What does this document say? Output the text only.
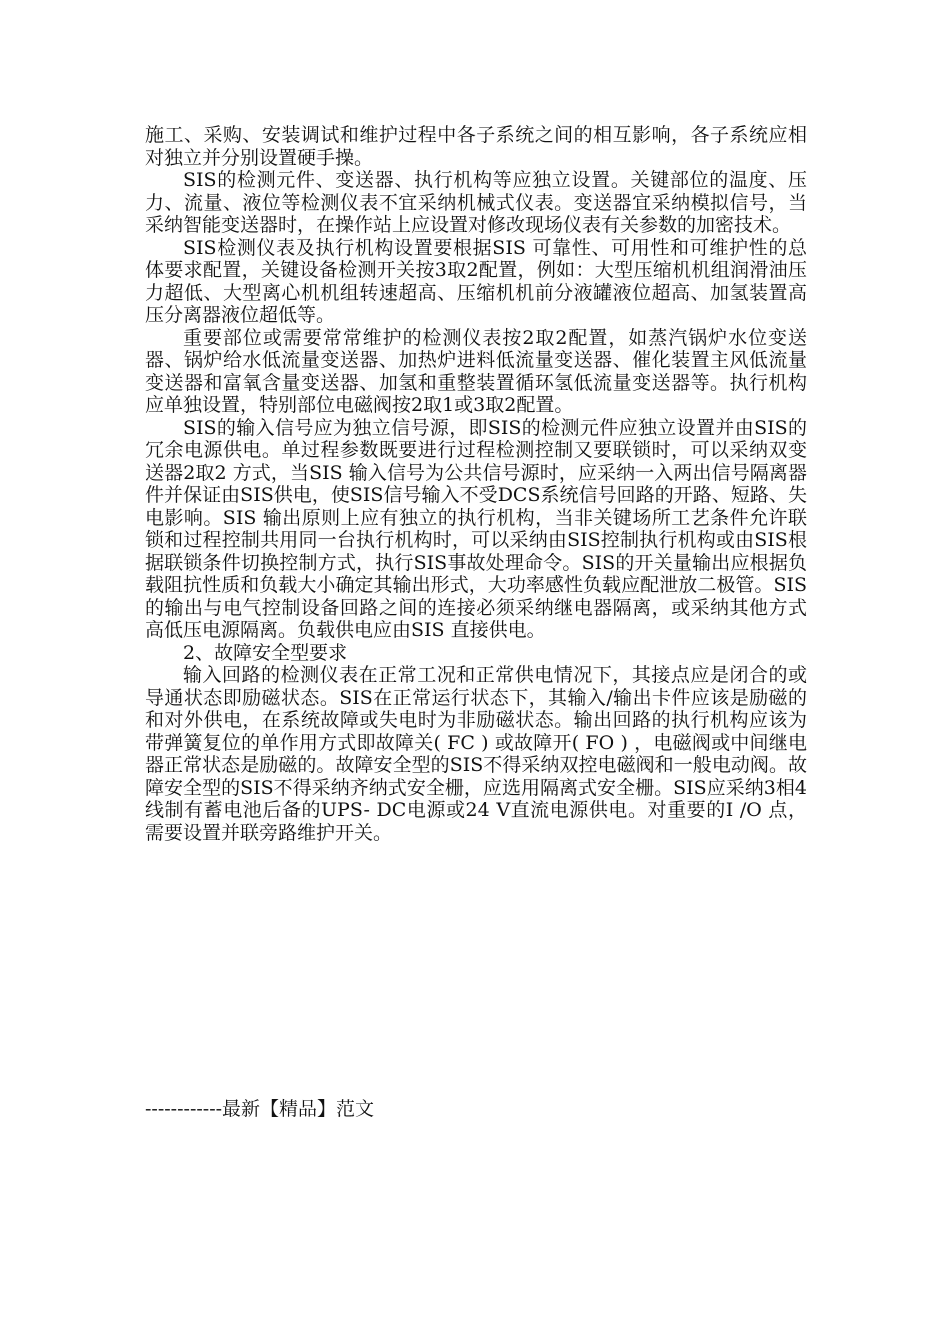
施工、采购、安装调试和维护过程中各子系统之间的相互影响，各子系统应相对独立并分别设置硬手操。

SIS的检测元件、变送器、执行机构等应独立设置。关键部位的温度、压力、流量、液位等检测仪表不宜采纳机械式仪表。变送器宜采纳模拟信号，当采纳智能变送器时，在操作站上应设置对修改现场仪表有关参数的加密技术。

SIS检测仪表及执行机构设置要根据SIS 可靠性、可用性和可维护性的总体要求配置，关键设备检测开关按3取2配置，例如：大型压缩机机组润滑油压力超低、大型离心机机组转速超高、压缩机机前分液罐液位超高、加氢装置高压分离器液位超低等。

重要部位或需要常常维护的检测仪表按2取2配置，如蒸汽锅炉水位变送器、锅炉给水低流量变送器、加热炉进料低流量变送器、催化装置主风低流量变送器和富氧含量变送器、加氢和重整装置循环氢低流量变送器等。执行机构应单独设置，特别部位电磁阀按2取1或3取2配置。

SIS的输入信号应为独立信号源，即SIS的检测元件应独立设置并由SIS的冗余电源供电。单过程参数既要进行过程检测控制又要联锁时，可以采纳双变送器2取2 方式，当SIS 输入信号为公共信号源时，应采纳一入两出信号隔离器件并保证由SIS供电，使SIS信号输入不受DCS系统信号回路的开路、短路、失电影响。SIS 输出原则上应有独立的执行机构，当非关键场所工艺条件允许联锁和过程控制共用同一台执行机构时，可以采纳由SIS控制执行机构或由SIS根据联锁条件切换控制方式，执行SIS事故处理命令。SIS的开关量输出应根据负载阻抗性质和负载大小确定其输出形式，大功率感性负载应配泄放二极管。SIS 的输出与电气控制设备回路之间的连接必须采纳继电器隔离，或采纳其他方式高低压电源隔离。负载供电应由SIS 直接供电。

2、故障安全型要求

输入回路的检测仪表在正常工况和正常供电情况下，其接点应是闭合的或导通状态即励磁状态。SIS在正常运行状态下，其输入/输出卡件应该是励磁的和对外供电，在系统故障或失电时为非励磁状态。输出回路的执行机构应该为带弹簧复位的单作用方式即故障关( FC ) 或故障开( FO ) ，电磁阀或中间继电器正常状态是励磁的。故障安全型的SIS不得采纳双控电磁阀和一般电动阀。故障安全型的SIS不得采纳齐纳式安全栅，应选用隔离式安全栅。SIS应采纳3相4线制有蓄电池后备的UPS- DC电源或24 V直流电源供电。对重要的I /O 点，需要设置并联旁路维护开关。

------------最新【精品】范文
